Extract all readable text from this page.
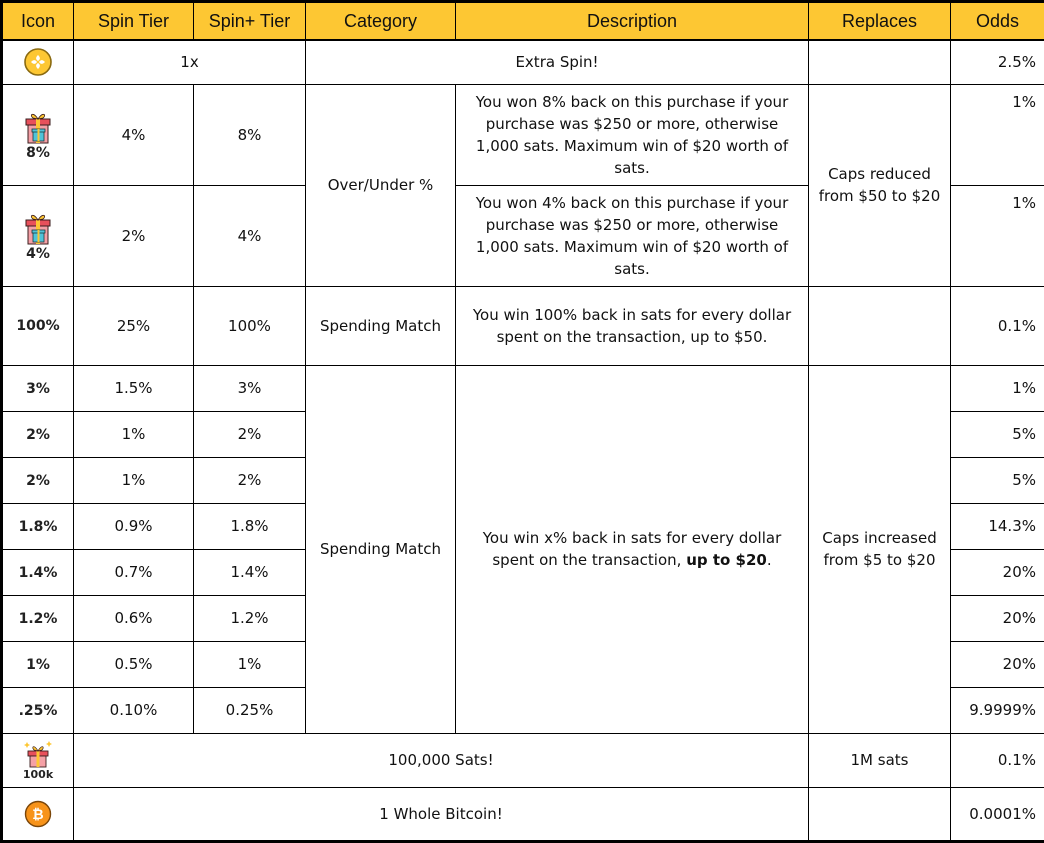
Icon	Spin Tier	Spin+ Tier	Category	Description	Replaces	Odds
	1x		Extra Spin!			2.5%

8%	4%	8%	Over/Under %	You won 8% back on this purchase if your purchase was $250 or more, otherwise 1,000 sats. Maximum win of $20 worth of sats.	Caps reduced from $50 to $20	1%

4%	2%	4%		You won 4% back on this purchase if your purchase was $250 or more, otherwise 1,000 sats. Maximum win of $20 worth of sats.		1%
100%	25%	100%	Spending Match	You win 100% back in sats for every dollar spent on the transaction, up to $50.		0.1%
3%	1.5%	3%	Spending Match	You win x% back in sats for every dollar spent on the transaction, up to $20.	Caps increased from $5 to $20	1%
2%	1%	2%				5%
2%	1%	2%				5%
1.8%	0.9%	1.8%				14.3%
1.4%	0.7%	1.4%				20%
1.2%	0.6%	1.2%				20%
1%	0.5%	1%				20%
.25%	0.10%	0.25%				9.9999%

100k	100,000 Sats!				1M sats	0.1%

₿	1 Whole Bitcoin!					0.0001%
